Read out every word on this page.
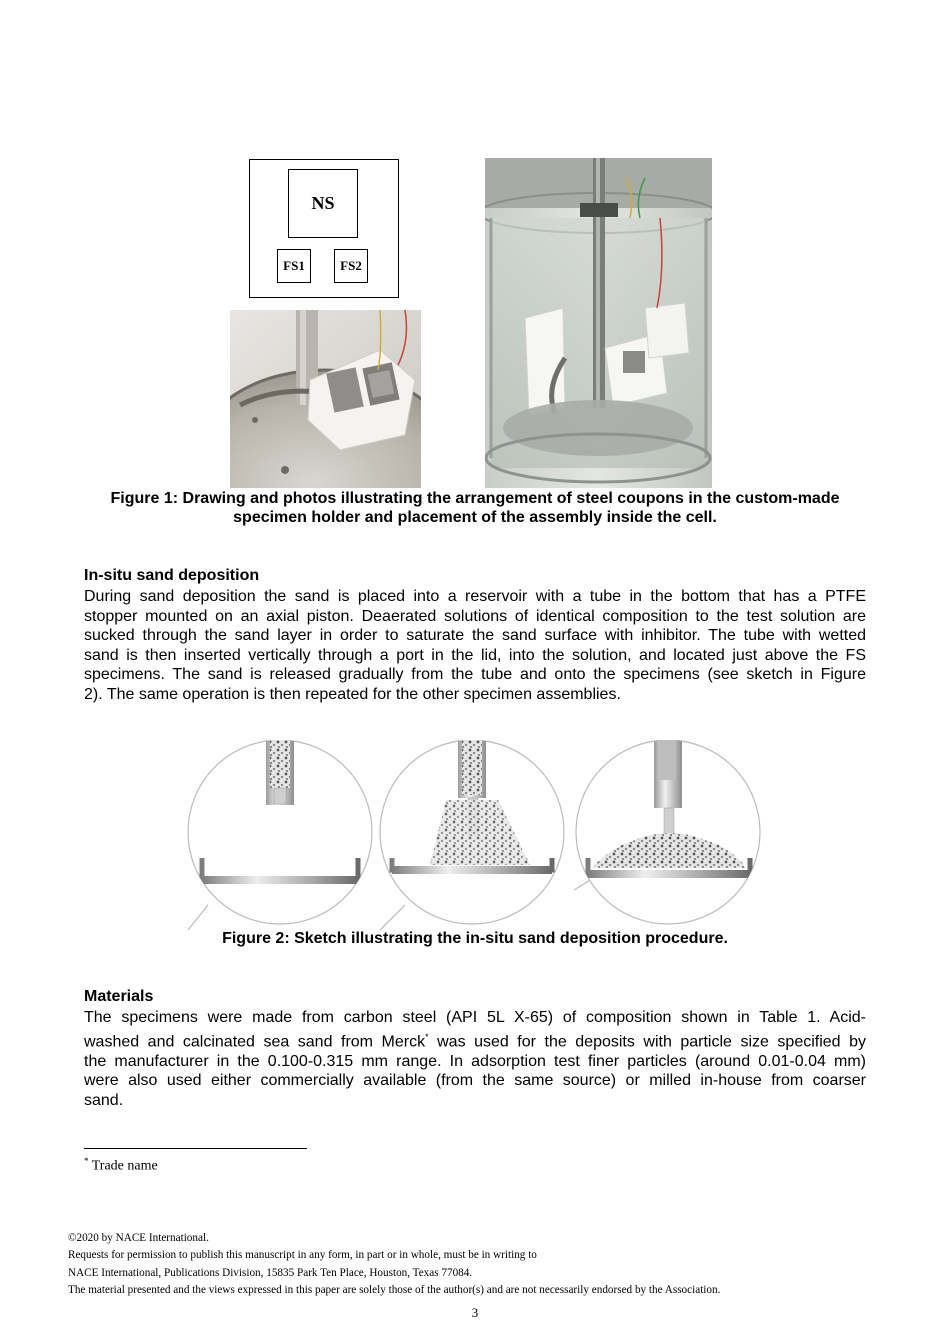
NS
FS1	FS2
Figure 1: Drawing and photos illustrating the arrangement of steel coupons in the custom-made
specimen holder and placement of the assembly inside the cell.
In-situ sand deposition
During sand deposition the sand is placed into a reservoir with a tube in the bottom that has a PTFE
stopper mounted on an axial piston. Deaerated solutions of identical composition to the test solution are
sucked through the sand layer in order to saturate the sand surface with inhibitor. The tube with wetted
sand is then inserted vertically through a port in the lid, into the solution, and located just above the FS
specimens. The sand is released gradually from the tube and onto the specimens (see sketch in Figure
2). The same operation is then repeated for the other specimen assemblies.
Figure 2: Sketch illustrating the in-situ sand deposition procedure.
Materials
The specimens were made from carbon steel (API 5L X-65) of composition shown in Table 1. Acid-
washed and calcinated sea sand from Merck* was used for the deposits with particle size specified by
the manufacturer in the 0.100-0.315 mm range. In adsorption test finer particles (around 0.01-0.04 mm)
were also used either commercially available (from the same source) or milled in-house from coarser
sand.
* Trade name
©2020 by NACE International.
Requests for permission to publish this manuscript in any form, in part or in whole, must be in writing to
NACE International, Publications Division, 15835 Park Ten Place, Houston, Texas 77084.
The material presented and the views expressed in this paper are solely those of the author(s) and are not necessarily endorsed by the Association.
3
